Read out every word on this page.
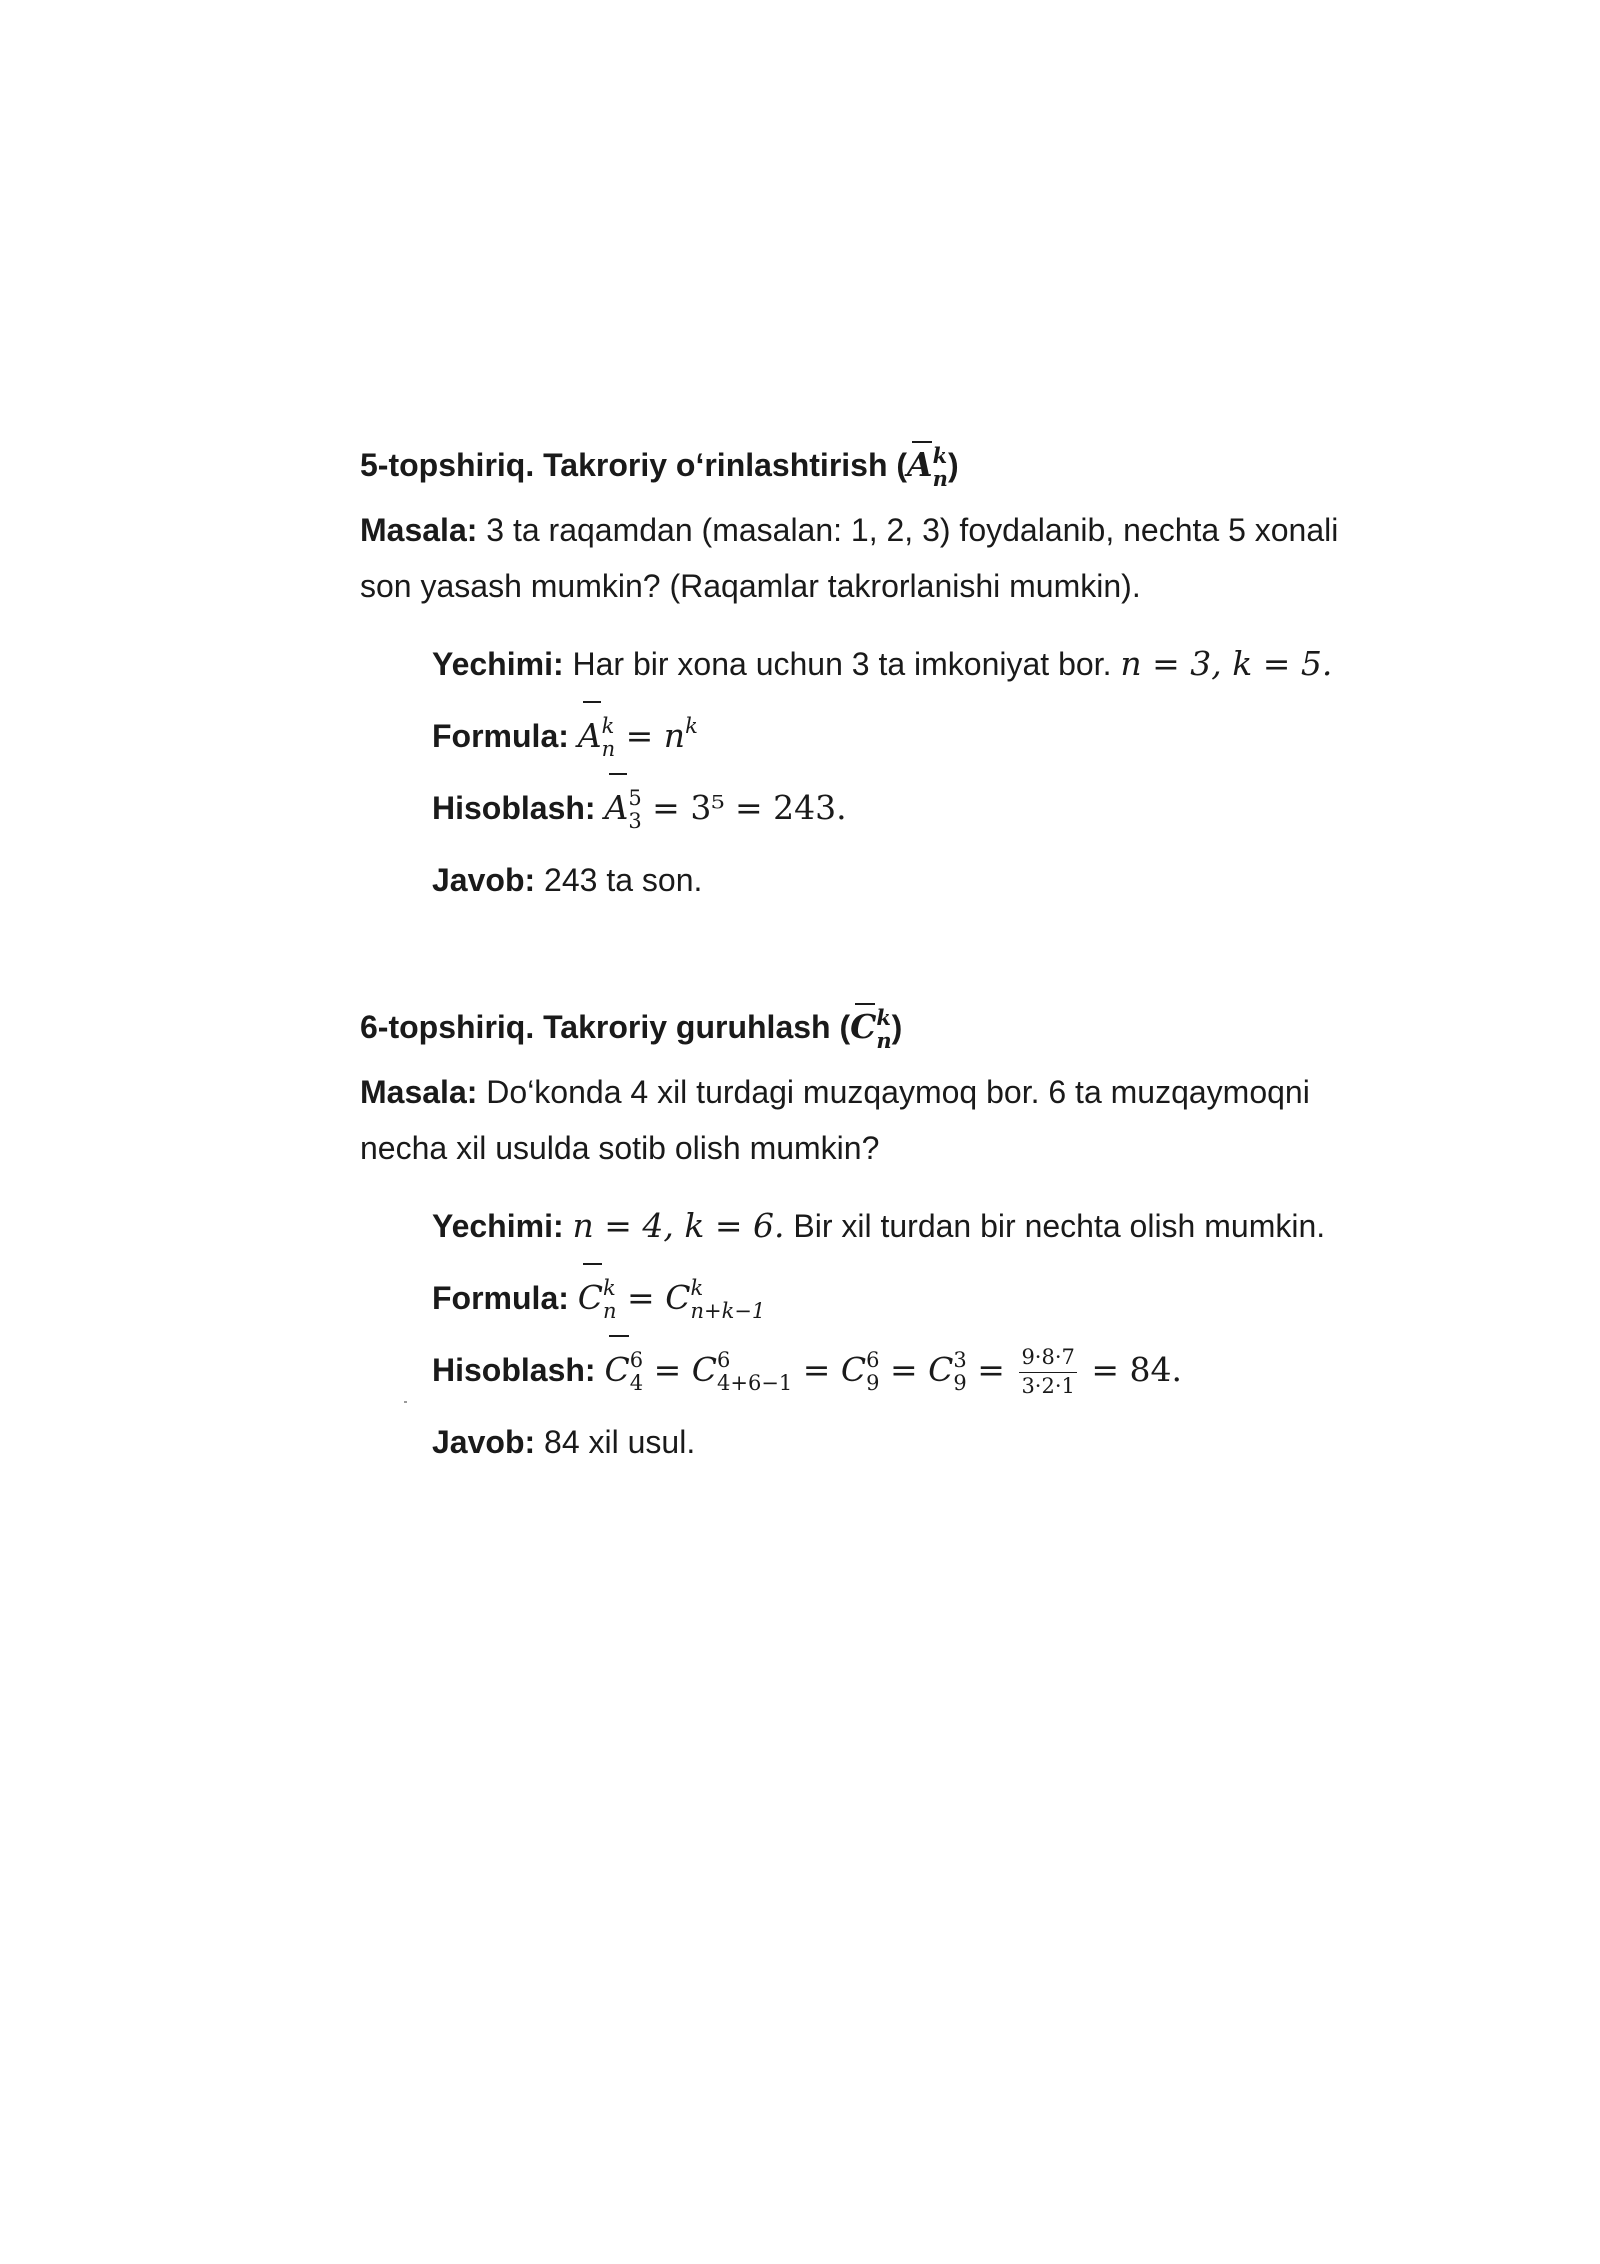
5-topshiriq. Takroriy o‘rinlashtirish (A k
n )

Masala: 3 ta raqamdan (masalan: 1, 2, 3) foydalanib, nechta 5 xonali son yasash mumkin? (Raqamlar takrorlanishi mumkin).

Yechimi: Har bir xona uchun 3 ta imkoniyat bor. n = 3, k = 5.
Formula: A k
n = n k

Hisoblash: A 5
3 = 3⁵ = 243.
Javob: 243 ta son.
6-topshiriq. Takroriy guruhlash (C k
n )

Masala: Do‘konda 4 xil turdagi muzqaymoq bor. 6 ta muzqaymoqni necha xil usulda sotib olish mumkin?

Yechimi: n = 4, k = 6. Bir xil turdan bir nechta olish mumkin.
Formula: C k
n = C k
n+k−1
Hisoblash: C 6
4 = C 6
4+6−1 = C 6
9 = C 3
$9 = \frac{9\cdot 8\cdot 7}{3\cdot 2\cdot 1} = 84$.
Javob: 84 xil usul.
